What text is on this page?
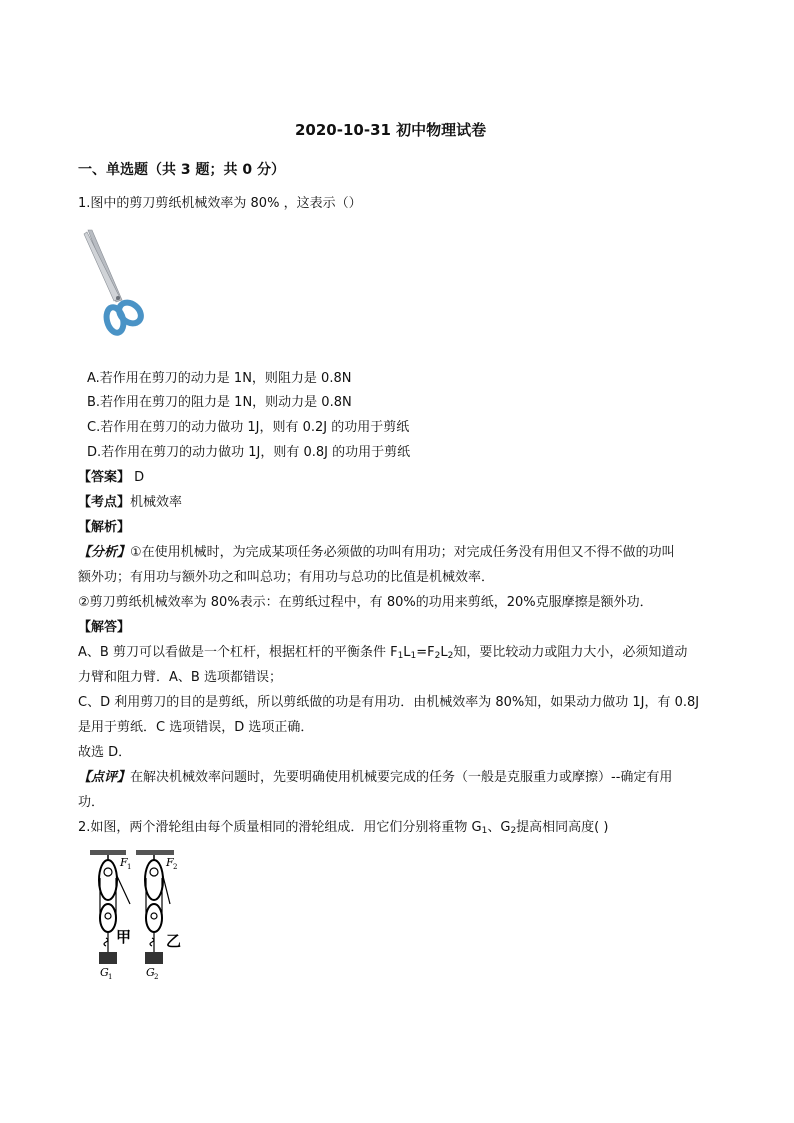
2020-10-31 初中物理试卷
一、单选题（共 3 题；共 0 分）
1.图中的剪刀剪纸机械效率为 80% ，这表示（）
A.若作用在剪刀的动力是 1N，则阻力是 0.8N
B.若作用在剪刀的阻力是 1N，则动力是 0.8N
C.若作用在剪刀的动力做功 1J，则有 0.2J 的功用于剪纸
D.若作用在剪刀的动力做功 1J，则有 0.8J 的功用于剪纸
【答案】 D
【考点】机械效率
【解析】
【分析】①在使用机械时，为完成某项任务必须做的功叫有用功；对完成任务没有用但又不得不做的功叫
额外功；有用功与额外功之和叫总功；有用功与总功的比值是机械效率．
②剪刀剪纸机械效率为 80%表示：在剪纸过程中，有 80%的功用来剪纸，20%克服摩擦是额外功．
【解答】
A、B 剪刀可以看做是一个杠杆，根据杠杆的平衡条件 $F_1L_1=F_2L_2$知，要比较动力或阻力大小，必须知道动
力臂和阻力臂．A、B 选项都错误；
C、D 利用剪刀的目的是剪纸，所以剪纸做的功是有用功．由机械效率为 80%知，如果动力做功 1J，有 0.8J
是用于剪纸．C 选项错误，D 选项正确．
故选 D．
【点评】在解决机械效率问题时，先要明确使用机械要完成的任务（一般是克服重力或摩擦）--确定有用
功．
2.如图，两个滑轮组由每个质量相同的滑轮组成．用它们分别将重物 $G_1$、$G_2$提高相同高度( )
F 1
甲
G 1
F 2
乙
G 2
